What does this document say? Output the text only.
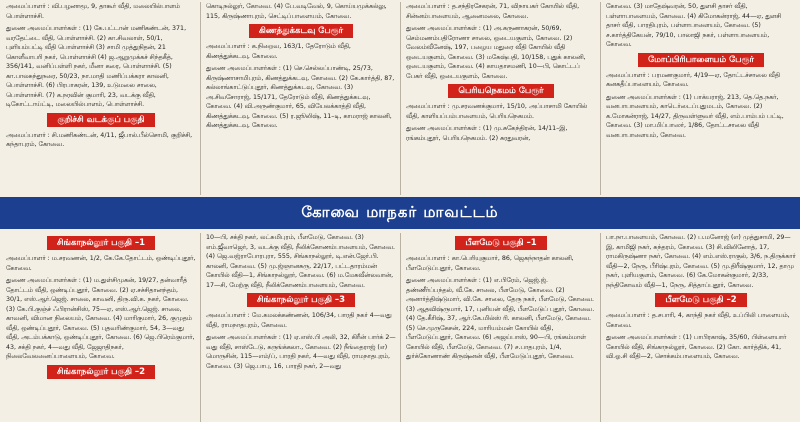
அமைப்பாளர் : வி.பழனாமூ, 9, தாகூர் வீதி, மலையில்பாளம் பொள்ளாச்சி.

துணை அமைப்பாளர்கள் : (1) கே.பட்டான் மணிகண்டன், 371, வரதேட்டை வீதி, பொள்ளாச்சி. (2) கா.சிவலாள், 50/1, புளியம்பட்டி வீதி பொள்ளாச்சி (3) சாமி முத்துநிதன், 21 கொளீவாபரி நகர், பொள்ளாச்சி (4) ஜ.ஆறுமுக்கச் சிந்தகீத், 356/141, வனிப்பள்ளி நகர், மீனா கரை, பொள்ளாச்சி. (5) கா.பாலசுந்துநரை, 50/23, நா.மாதி மணிப்பக்கரா காலனி, பொள்ளாச்சி. (6) பிரபாகரன், 139, உடுமலை சாலை, பொள்ளாச்சி. (7) க.நரவின் குமாரி, 23, வடக்கு வீதி, டிகோட்டாய்ட்டி, மலையில்பாளம், பொள்ளாச்சி.

குறிச்சி வடக்குப் பகுதி

அமைப்பாளர் : சி.மணிகண்டன், 4/11, ஜீபால்.பீல்சொமி, குறிச்சி, கந்தாபுரம், கோவை.

கொடிநல்லுர், கோவை. (4) பே.வடிவேல், 9, கொய்யமுக்கல்லு, 115, கிருஷ்ணாபுரம், செட்டிப்பாளையம், கோவை.

கிணத்துக்கடவு பேரூர்

அமைப்பாளர் : க.நிறைவ, 163/1, தேரோடும் வீதி, கிணத்துக்கடவு, கோவை.

துணை அமைப்பாளர்கள் : (1) செ.செல்லப்பாண்டி, 25/73, கிருஷ்ணாசாமிபுரம், கிணத்துக்கடவு, கோவை. (2) கே.கார்த்தி, 87, கல்லாங்காட்டுப்புதூர், கிணத்துக்கடவு, கோவை. (3) அ.சிவசோராஜ், 15/171, தேரோடும் வீதி, கிணத்துக்கடவு, கோவை. (4) வி.அருண்குமார், 65, வியேலக்காத்தி வீதி, கிணத்துக்கடவு, கோவை. (5) ர.ஜூலிஷ், 11–டி, காமராஜ் காலனி, கிணத்துக்கடவு, கோவை.

அமைப்பாளர் : த.சந்திரசேகரன், 71, விநாயகர் கோயில் வீதி, சின்னம்பாளையம், ஆனைமலை, கோவை.

துணை அமைப்பாளர்கள் : (1) அ.கருணாகரன், 50/69, செம்மணம்பதிரோணா சாலை, ஒடையகுளம், கோவை. (2) வேலம்வீனேஷ், 197, பழைய மதுரை வீதி கோயில் வீதி ஒடையகுளம், கோவை. (3) மகேஷ்பதி, 10/158, புதுக் காலனி, ஒடையகுளம், கோவை. (4) காயதாசமணி, 10—பி, கொட்டப் பேகர் வீதி, ஒடையகுளம், கோவை.

பெரியநெகமம் பேரூர்

அமைப்பாளர் : மு.சரவணக்குமார், 15/10, அப்பாசாமி கோயில் வீதி, காளியப்பம்பாளையம், பெரியநெகமம்.

துணை அமைப்பாளர்கள் : (1) மு.சுகேந்திரன், 14/11–இ, ரங்கம்புதூர், பெரியநெகமம். (2) சுரதுவரன்,

கோவை. (3) மாதேஷ்வரன், 50, துளசி தாசர் வீதி, பள்ளாபாளையம், கோவை. (4) கிமோகன்ராஜ், 44—ஏ, துளசி தாசர் வீதி, பாரதிபுரம், பள்ளாபாளையம், கோவை. (5) ச.கார்த்திகேயன், 79/10, பாலாஜி நகர், பள்ளாபாளையம், கோவை.

மோப்பிரிபாளையம் பேரூர்

அமைப்பாளர் : பரமணகுமார், 4/19—ஏ, தோட்டச்சாலை வீதி கனகதீப்பாளையம், கோவை.

துணை அமைப்பாளர்கள் : (1) பாக்யராஜ், 213, தெ.தெ.நகர், வனபாபாளையம், காடெர்டைப்புதுமடம், கோவை. (2) க.மோகன்ராஜ், 14/27, திருவள்ளுவர் வீதி, எம்.பாம்பம் பட்டி, கோவை. (3) மா.மிப்பாஸர், 1/86, தோட்டசாலை வீதி வனபாபாளையம், கோவை.

கோவை மாநகர் மாவட்டம்
சிங்காநல்லூர் பகுதி –1

அமைப்பாளர் : ம.சரவணன், 1/2, கே.கே.தோட்டம், ஒண்டிப்புதூர், கோவை.

துணை அமைப்பாளர்கள் : (1) ம.துள்சிமுகன், 19/27, தன்வாரீத் தோட்டம் வீதி, ஒண்டிப்புதூர், கோவை. (2) ஏ.சச்சிதானந்தம், 30/1, எஸ்.ஆர்.ஜெஜ். சாலை, காவனி, திரு.வி.க. நகர், கோவை. (3) கே.பி.குஞ்ச் ஃபிரான்சிஸ், 75—ஏ, எஸ்.ஆர்.ஜெஜ். சாலை, காவனி, விமான நிலையம், கோவை. (4) மாரிகுமார், 26, குமுதம் வீதி, ஒண்டிப்புதூர், கோவை. (5) புதவரிண்குமார், 54, 3—வது வீதி, அடம்பக்காடு, ஒண்டிப்புதூர், கோவை. (6) ஜெ.பிரெம்குமார், 43, சக்தி நகர், 4—வது வீதி, ஜேஜாதிநகர், நிலைவேலனைப்பாளையம், கோவை.

சிங்காநல்லூர் பகுதி –2

10—பி, சக்தி நகர், லட்சுமிபுரம், பீளமேடு, கோவை. (3) எம்.ஜீவாஜெர், 3, வடக்கு வீதி, நீலிக்கோணம்பாளையம், கோவை. (4) ஜெ.வஜ்ராபோரபுரா, 555, சிங்காநல்லூர், டி.என்.ஜேர்.பி. காலனி, கோவை. (5) மு.ஜ்ஞானசுரு, 22/17, பட்டதாரம்மன் கோயில் வீதி—1, சிங்காநல்லூர், கோவை. (6) ம.மேகவீன்லவான், 17—சி, மேற்கு வீதி, நீலிக்கோணம்பாளையம், கோவை.

சிங்காநல்லூர் பகுதி –3

அமைப்பாளர் : மே.கமலக்கண்ணன், 106/34, பாரதி நகர் 4—வது வீதி, ராமநாதபுரம், கோவை.

துணை அமைப்பாளர்கள் : (1) ஏ.எஸ்.பி அலி, 32, கிரீன் பார்க் 2—வது வீதி, சாஸ்டேடு, கருங்க்கலா., கோவை. (2) நீங்தைராஜ் (எ) மொருசின், 115—எம்/ப், பாரதி நகர், 4—வது வீதி, ராமநாதபுரம், கோவை. (3) ஜெ.பாபு, 16, பாரதி நகர், 2—வது

பீளமேடு பகுதி –1

அமைப்பாளர் : கா.பெரியுகுமார், 86, ஜெகந்நாதன் காலனி, பீளமேடுப்புதூர், கோவை.

துணை அமைப்பாளர்கள் : (1) எ.பிரேம், ஜெஜ்.ஜ். தண்ணீர்ப்பந்தல், வீ.கே. சாலை, பீளமேடு, கோவை. (2) அனார்த்திஷ்டுமார், வி.கே. சாலை, தேரு நகர், பீளமேடு, கோவை. (3) ஆதவிஷ்ருமார், 17, புனியன் வீதி, பீளமேடுப் புதூர், கோவை. (4) தே.கீரிஷ், 37, ஆர்.கே.மில்ஸ் ரி. காலனி, பீளமேடு, கோவை. (5) செ.முருகேசன், 224, மாரியம்மன் கோயில் வீதி, பீளமேடுப்புதூர், கோவை. (6) அஜய்பாஸ், 90—பி, ரங்கம்மாள் கோயில் வீதி, பீளமேடு, கோவை. (7) ச.பாதபுரம், 1/4, துர்க்கோணாண் கிருஷ்னன் வீதி, பீளமேடுப்புதூர், கோவை.

பா.நா.பாளையம், கோவை. (2) ப.மனோஜ் (எ) முத்துசாமி, 29—இ, காமிஜி நகர், சுந்தரம், கோவை. (3) சி.விலினோத், 17, ராமகிருஷ்ணா நகர், கோவை. (4) எம்.எஸ்.ராகுல், 3/6, ந.திருக்கார் வீதி—2, நேரு, பீரிஷ்புரம், கோவை. (5) மு.திரீஷ்குமார், 12, தாமு நகர், புளியகுளம், கோவை. (6) கே.மோகன்குமார், 2/33, நந்திகோவம் வீதி—1, நேரு, சித்தாப்புதூர், கோவை.

பீளமேடு பகுதி –2

அமைப்பாளர் : த.சபாரி, 4, காந்தி நகர் வீதி, உப்பிலி பாளையம், கோவை.

துணை அமைப்பாளர்கள் : (1) பாபிரகாஷ், 35/60, பிள்ளையார் கோயில் வீதி, சிங்காநல்லூர், கோவை. (2) கோ. கார்த்திக், 41, வி.ஓ.சி வீதி—2, சொக்கம்பாளையம், கோவை.
